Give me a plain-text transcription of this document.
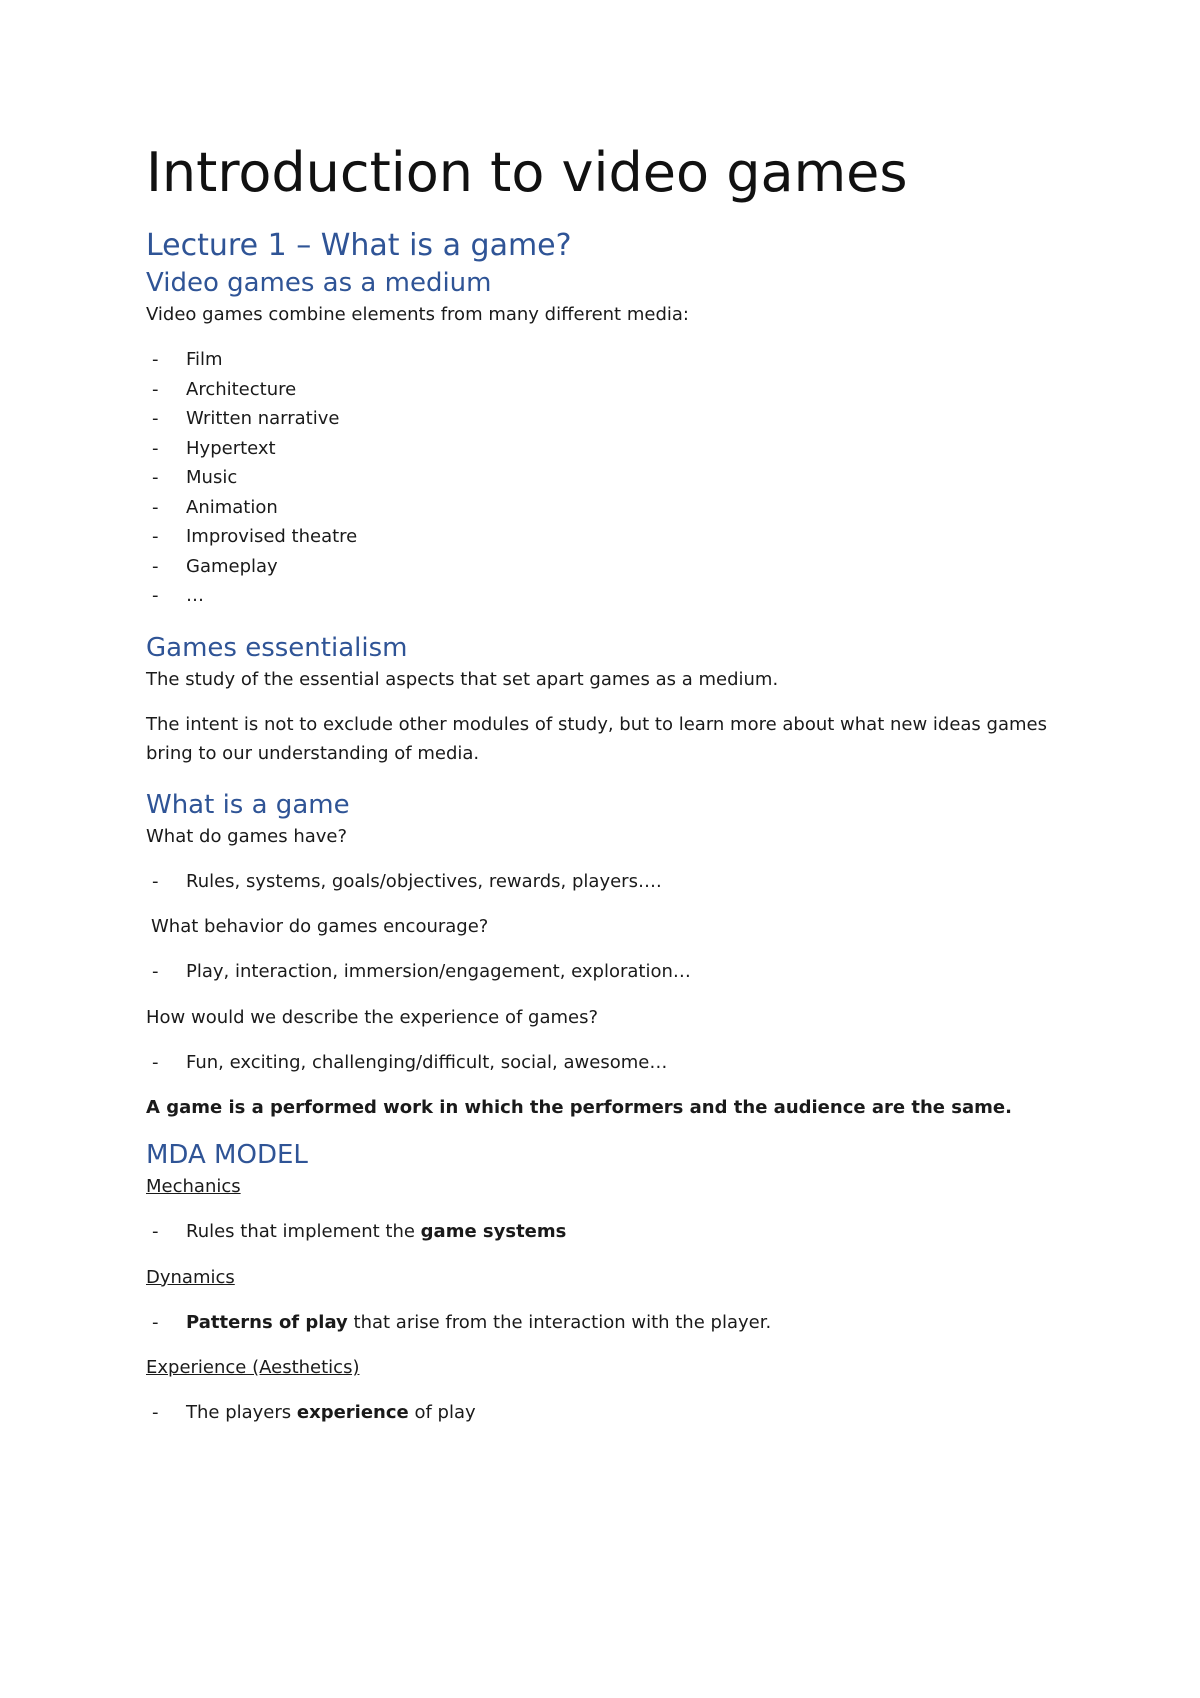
Introduction to video games
Lecture 1 – What is a game?
Video games as a medium

Video games combine elements from many different media:

- Film
- Architecture
- Written narrative
- Hypertext
- Music
- Animation
- Improvised theatre
- Gameplay
- …
Games essentialism

The study of the essential aspects that set apart games as a medium.

The intent is not to exclude other modules of study, but to learn more about what new ideas games bring to our understanding of media.

What is a game

What do games have?

- Rules, systems, goals/objectives, rewards, players….

What behavior do games encourage?

- Play, interaction, immersion/engagement, exploration…

How would we describe the experience of games?

- Fun, exciting, challenging/difficult, social, awesome…

A game is a performed work in which the performers and the audience are the same.

MDA MODEL

Mechanics

- Rules that implement the game systems

Dynamics

- Patterns of play that arise from the interaction with the player.

Experience (Aesthetics)

- The players experience of play
